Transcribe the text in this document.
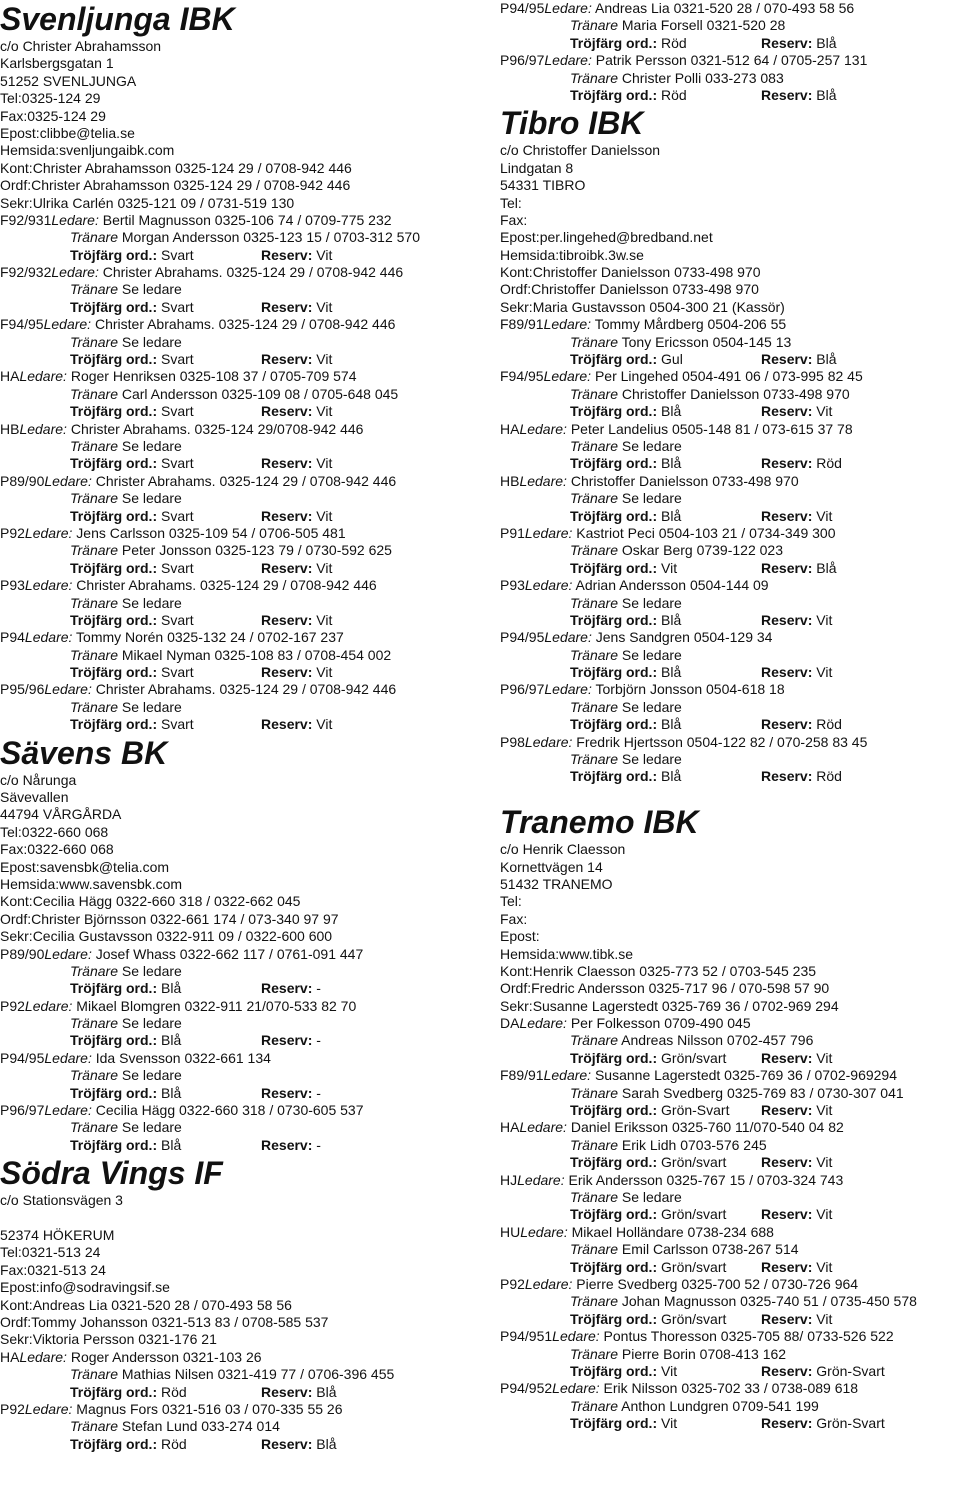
Svenljunga IBK
c/o Christer Abrahamsson
Karlsbergsgatan 1
51252 SVENLJUNGA
Tel:0325-124 29
Fax:0325-124 29
Epost:clibbe@telia.se
Hemsida:svenljungaibk.com
Kont:Christer Abrahamsson 0325-124 29 / 0708-942 446
Ordf:Christer Abrahamsson 0325-124 29 / 0708-942 446
Sekr:Ulrika Carlén 0325-121 09 / 0731-519 130
F92/931Ledare: Bertil Magnusson 0325-106 74 / 0709-775 232
Tränare Morgan Andersson 0325-123 15 / 0703-312 570
Tröjfärg ord.: Svart	Reserv: Vit
F92/932Ledare: Christer Abrahams. 0325-124 29 / 0708-942 446
Tränare Se ledare
Tröjfärg ord.: Svart	Reserv: Vit
F94/95Ledare: Christer Abrahams. 0325-124 29 / 0708-942 446
Tränare Se ledare
Tröjfärg ord.: Svart	Reserv: Vit
HALedare: Roger Henriksen 0325-108 37 / 0705-709 574
Tränare Carl Andersson 0325-109 08 / 0705-648 045
Tröjfärg ord.: Svart	Reserv: Vit
HBLedare: Christer Abrahams. 0325-124 29/0708-942 446
Tränare Se ledare
Tröjfärg ord.: Svart	Reserv: Vit
P89/90Ledare: Christer Abrahams. 0325-124 29 / 0708-942 446
Tränare Se ledare
Tröjfärg ord.: Svart	Reserv: Vit
P92Ledare: Jens Carlsson 0325-109 54 / 0706-505 481
Tränare Peter Jonsson 0325-123 79 / 0730-592 625
Tröjfärg ord.: Svart	Reserv: Vit
P93Ledare: Christer Abrahams. 0325-124 29 / 0708-942 446
Tränare Se ledare
Tröjfärg ord.: Svart	Reserv: Vit
P94Ledare: Tommy Norén 0325-132 24 / 0702-167 237
Tränare Mikael Nyman 0325-108 83 / 0708-454 002
Tröjfärg ord.: Svart	Reserv: Vit
P95/96Ledare: Christer Abrahams. 0325-124 29 / 0708-942 446
Tränare Se ledare
Tröjfärg ord.: Svart	Reserv: Vit
Sävens BK
c/o Nårunga
Sävevallen
44794 VÅRGÅRDA
Tel:0322-660 068
Fax:0322-660 068
Epost:savensbk@telia.com
Hemsida:www.savensbk.com
Kont:Cecilia Hägg 0322-660 318 / 0322-662 045
Ordf:Christer Björnsson 0322-661 174 / 073-340 97 97
Sekr:Cecilia Gustavsson 0322-911 09 / 0322-600 600
P89/90Ledare: Josef Whass 0322-662 117 / 0761-091 447
Tränare Se ledare
Tröjfärg ord.: Blå	Reserv: -
P92Ledare: Mikael Blomgren 0322-911 21/070-533 82 70
Tränare Se ledare
Tröjfärg ord.: Blå	Reserv: -
P94/95Ledare: Ida Svensson 0322-661 134
Tränare Se ledare
Tröjfärg ord.: Blå	Reserv: -
P96/97Ledare: Cecilia Hägg 0322-660 318 / 0730-605 537
Tränare Se ledare
Tröjfärg ord.: Blå	Reserv: -
Södra Vings IF
c/o Stationsvägen 3
52374 HÖKERUM
Tel:0321-513 24
Fax:0321-513 24
Epost:info@sodravingsif.se
Kont:Andreas Lia 0321-520 28 / 070-493 58 56
Ordf:Tommy Johansson 0321-513 83 / 0708-585 537
Sekr:Viktoria Persson 0321-176 21
HALedare: Roger Andersson 0321-103 26
Tränare Mathias Nilsen 0321-419 77 / 0706-396 455
Tröjfärg ord.: Röd	Reserv: Blå
P92Ledare: Magnus Fors 0321-516 03 / 070-335 55 26
Tränare Stefan Lund 033-274 014
Tröjfärg ord.: Röd	Reserv: Blå
P94/95Ledare: Andreas Lia 0321-520 28 / 070-493 58 56
Tränare Maria Forsell 0321-520 28
Tröjfärg ord.: Röd	Reserv: Blå
P96/97Ledare: Patrik Persson 0321-512 64 / 0705-257 131
Tränare Christer Polli 033-273 083
Tröjfärg ord.: Röd	Reserv: Blå
Tibro IBK
c/o Christoffer Danielsson
Lindgatan 8
54331 TIBRO
Tel:
Fax:
Epost:per.lingehed@bredband.net
Hemsida:tibroibk.3w.se
Kont:Christoffer Danielsson 0733-498 970
Ordf:Christoffer Danielsson 0733-498 970
Sekr:Maria Gustavsson 0504-300 21 (Kassör)
F89/91Ledare: Tommy Mårdberg 0504-206 55
Tränare Tony Ericsson 0504-145 13
Tröjfärg ord.: Gul	Reserv: Blå
F94/95Ledare: Per Lingehed 0504-491 06 / 073-995 82 45
Tränare Christoffer Danielsson 0733-498 970
Tröjfärg ord.: Blå	Reserv: Vit
HALedare: Peter Landelius 0505-148 81 / 073-615 37 78
Tränare Se ledare
Tröjfärg ord.: Blå	Reserv: Röd
HBLedare: Christoffer Danielsson 0733-498 970
Tränare Se ledare
Tröjfärg ord.: Blå	Reserv: Vit
P91Ledare: Kastriot Peci 0504-103 21 / 0734-349 300
Tränare Oskar Berg 0739-122 023
Tröjfärg ord.: Vit	Reserv: Blå
P93Ledare: Adrian Andersson 0504-144 09
Tränare Se ledare
Tröjfärg ord.: Blå	Reserv: Vit
P94/95Ledare: Jens Sandgren 0504-129 34
Tränare Se ledare
Tröjfärg ord.: Blå	Reserv: Vit
P96/97Ledare: Torbjörn Jonsson 0504-618 18
Tränare Se ledare
Tröjfärg ord.: Blå	Reserv: Röd
P98Ledare: Fredrik Hjertsson 0504-122 82 / 070-258 83 45
Tränare Se ledare
Tröjfärg ord.: Blå	Reserv: Röd
Tranemo IBK
c/o Henrik Claesson
Kornettvägen 14
51432 TRANEMO
Tel:
Fax:
Epost:
Hemsida:www.tibk.se
Kont:Henrik Claesson 0325-773 52 / 0703-545 235
Ordf:Fredric Andersson 0325-717 96 / 070-598 57 90
Sekr:Susanne Lagerstedt 0325-769 36 / 0702-969 294
DALedare: Per Folkesson 0709-490 045
Tränare Andreas Nilsson 0702-457 796
Tröjfärg ord.: Grön/svart Reserv: Vit
F89/91Ledare: Susanne Lagerstedt 0325-769 36 / 0702-969294
Tränare Sarah Svedberg 0325-769 83 / 0730-307 041
Tröjfärg ord.: Grön-Svart Reserv: Vit
HALedare: Daniel Eriksson 0325-760 11/070-540 04 82
Tränare Erik Lidh 0703-576 245
Tröjfärg ord.: Grön/svart Reserv: Vit
HJLedare: Erik Andersson 0325-767 15 / 0703-324 743
Tränare Se ledare
Tröjfärg ord.: Grön/svart Reserv: Vit
HULedare: Mikael Holländare 0738-234 688
Tränare Emil Carlsson 0738-267 514
Tröjfärg ord.: Grön/svart Reserv: Vit
P92Ledare: Pierre Svedberg 0325-700 52 / 0730-726 964
Tränare Johan Magnusson 0325-740 51 / 0735-450 578
Tröjfärg ord.: Grön/svart Reserv: Vit
P94/951Ledare: Pontus Thoresson 0325-705 88/ 0733-526 522
Tränare Pierre Borin 0708-413 162
Tröjfärg ord.: Vit	Reserv: Grön-Svart
P94/952Ledare: Erik Nilsson 0325-702 33 / 0738-089 618
Tränare Anthon Lundgren 0709-541 199
Tröjfärg ord.: Vit	Reserv: Grön-Svart
